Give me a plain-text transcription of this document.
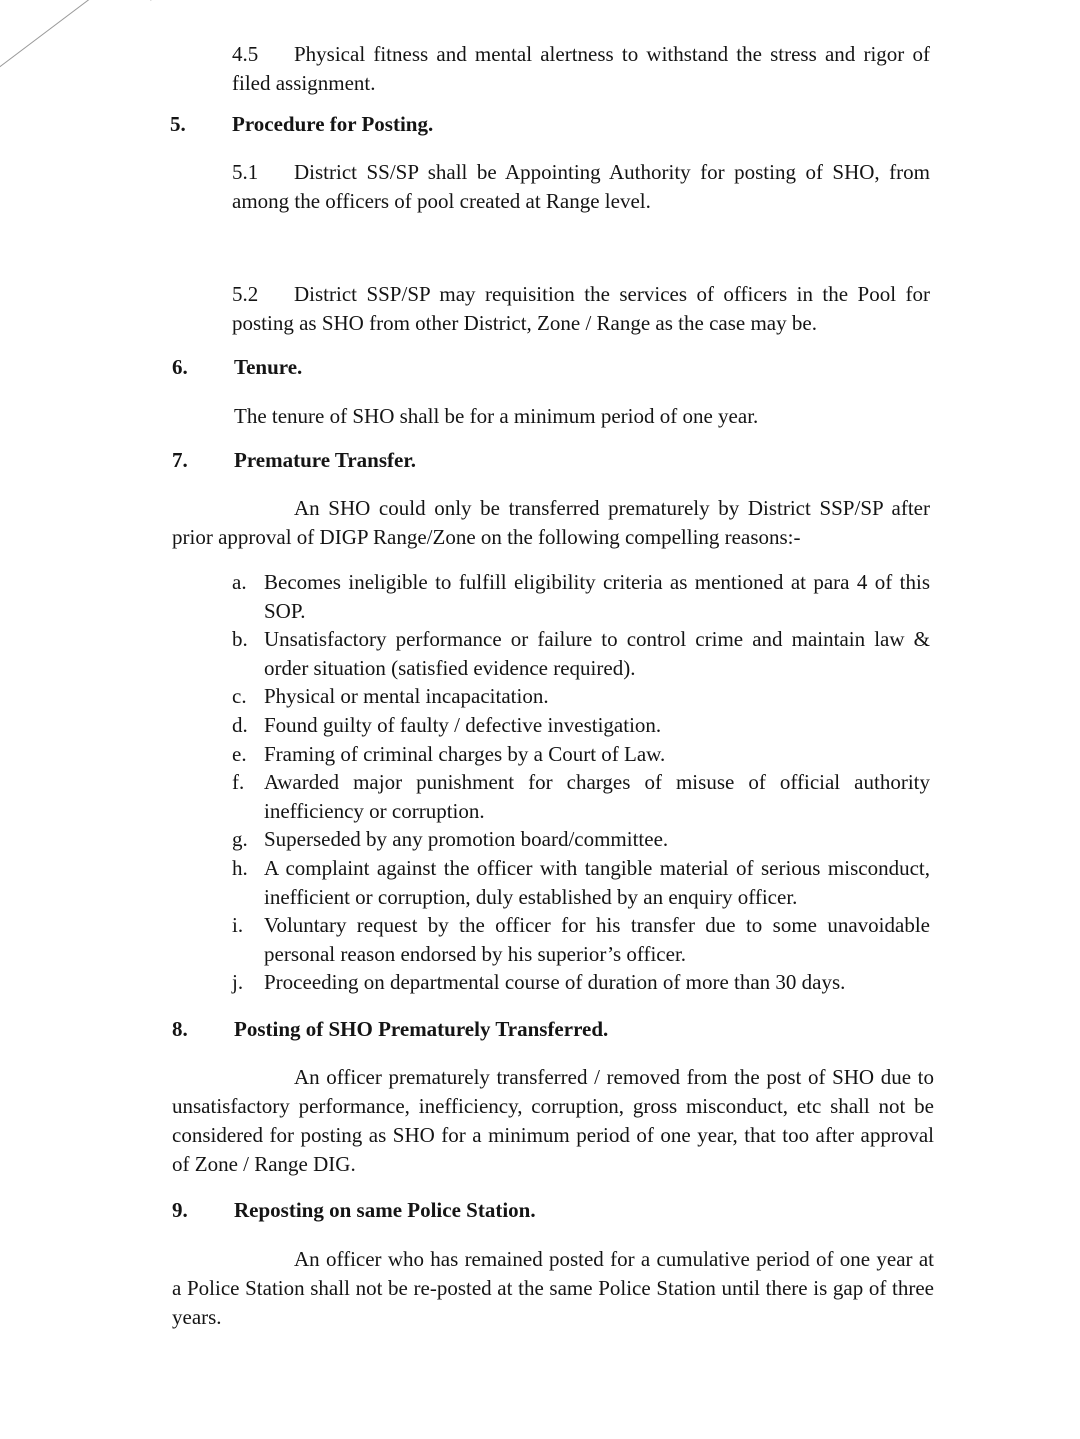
4.5 Physical fitness and mental alertness to withstand the stress and rigor of filed assignment.
5. Procedure for Posting.
5.1 District SS/SP shall be Appointing Authority for posting of SHO, from among the officers of pool created at Range level.
5.2 District SSP/SP may requisition the services of officers in the Pool for posting as SHO from other District, Zone / Range as the case may be.
6. Tenure.
The tenure of SHO shall be for a minimum period of one year.
7. Premature Transfer.
An SHO could only be transferred prematurely by District SSP/SP after prior approval of DIGP Range/Zone on the following compelling reasons:-
a. Becomes ineligible to fulfill eligibility criteria as mentioned at para 4 of this SOP.
b. Unsatisfactory performance or failure to control crime and maintain law & order situation (satisfied evidence required).
c. Physical or mental incapacitation.
d. Found guilty of faulty / defective investigation.
e. Framing of criminal charges by a Court of Law.
f. Awarded major punishment for charges of misuse of official authority inefficiency or corruption.
g. Superseded by any promotion board/committee.
h. A complaint against the officer with tangible material of serious misconduct, inefficient or corruption, duly established by an enquiry officer.
i. Voluntary request by the officer for his transfer due to some unavoidable personal reason endorsed by his superior’s officer.
j. Proceeding on departmental course of duration of more than 30 days.
8. Posting of SHO Prematurely Transferred.
An officer prematurely transferred / removed from the post of SHO due to unsatisfactory performance, inefficiency, corruption, gross misconduct, etc shall not be considered for posting as SHO for a minimum period of one year, that too after approval of Zone / Range DIG.
9. Reposting on same Police Station.
An officer who has remained posted for a cumulative period of one year at a Police Station shall not be re-posted at the same Police Station until there is gap of three years.
